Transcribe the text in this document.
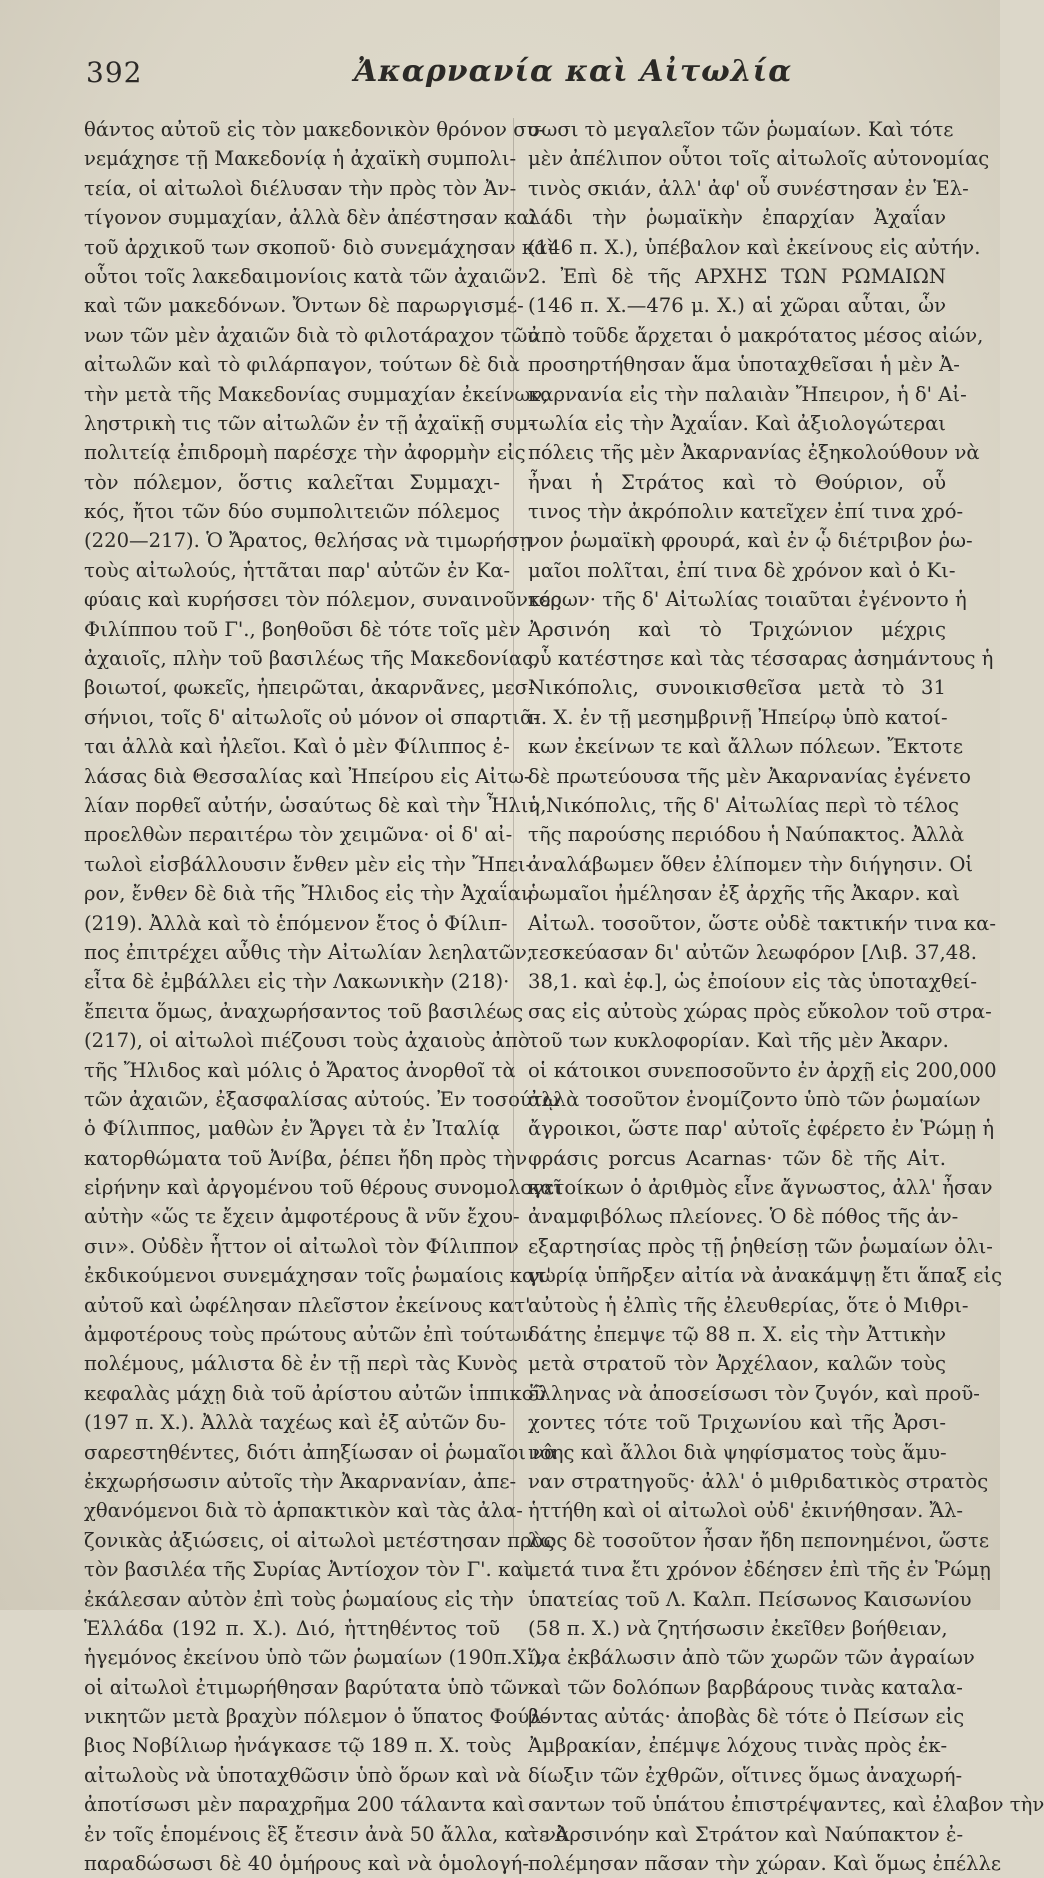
392	Ἀκαρνανία καὶ Αἰτωλία
θάντος αὐτοῦ εἰς τὸν μακεδονικὸν θρόνον συ-
νεμάχησε τῇ Μακεδονίᾳ ἡ ἀχαϊκὴ συμπολι-
τεία, οἱ αἰτωλοὶ διέλυσαν τὴν πρὸς τὸν Ἀν-
τίγονον συμμαχίαν, ἀλλὰ δὲν ἀπέστησαν καὶ
τοῦ ἀρχικοῦ των σκοποῦ· διὸ συνεμάχησαν καὶ
οὗτοι τοῖς λακεδαιμονίοις κατὰ τῶν ἀχαιῶν
καὶ τῶν μακεδόνων. Ὄντων δὲ παρωργισμέ-
νων τῶν μὲν ἀχαιῶν διὰ τὸ φιλοτάραχον τῶν
αἰτωλῶν καὶ τὸ φιλάρπαγον, τούτων δὲ διὰ
τὴν μετὰ τῆς Μακεδονίας συμμαχίαν ἐκείνων,
ληστρικὴ τις τῶν αἰτωλῶν ἐν τῇ ἀχαϊκῇ συμ-
πολιτείᾳ ἐπιδρομὴ παρέσχε τὴν ἀφορμὴν εἰς
τὸν πόλεμον, ὅστις καλεῖται Συμμαχι-
κός, ἤτοι τῶν δύο συμπολιτειῶν πόλεμος
(220—217). Ὁ Ἄρατος, θελήσας νὰ τιμωρήσῃ
τοὺς αἰτωλούς, ἡττᾶται παρ' αὐτῶν ἐν Κα-
φύαις καὶ κυρήσσει τὸν πόλεμον, συναινοῦντος
Φιλίππου τοῦ Γ'., βοηθοῦσι δὲ τότε τοῖς μὲν
ἀχαιοῖς, πλὴν τοῦ βασιλέως τῆς Μακεδονίας,
βοιωτοί, φωκεῖς, ἠπειρῶται, ἀκαρνᾶνες, μεσ-
σήνιοι, τοῖς δ' αἰτωλοῖς οὐ μόνον οἱ σπαρτιᾶ-
ται ἀλλὰ καὶ ἠλεῖοι. Καὶ ὁ μὲν Φίλιππος ἐ-
λάσας διὰ Θεσσαλίας καὶ Ἠπείρου εἰς Αἰτω-
λίαν πορθεῖ αὐτήν, ὡσαύτως δὲ καὶ τὴν Ἦλιν,
προελθὼν περαιτέρω τὸν χειμῶνα· οἱ δ' αἰ-
τωλοὶ εἰσβάλλουσιν ἔνθεν μὲν εἰς τὴν Ἤπει-
ρον, ἔνθεν δὲ διὰ τῆς Ἤλιδος εἰς τὴν Ἀχαΐαν
(219). Ἀλλὰ καὶ τὸ ἑπόμενον ἔτος ὁ Φίλιπ-
πος ἐπιτρέχει αὖθις τὴν Αἰτωλίαν λεηλατῶν,
εἶτα δὲ ἐμβάλλει εἰς τὴν Λακωνικὴν (218)·
ἔπειτα ὅμως, ἀναχωρήσαντος τοῦ βασιλέως
(217), οἱ αἰτωλοὶ πιέζουσι τοὺς ἀχαιοὺς ἀπὸ
τῆς Ἤλιδος καὶ μόλις ὁ Ἄρατος ἀνορθοῖ τὰ
τῶν ἀχαιῶν, ἐξασφαλίσας αὐτούς. Ἐν τοσούτῳ
ὁ Φίλιππος, μαθὼν ἐν Ἄργει τὰ ἐν Ἰταλίᾳ
κατορθώματα τοῦ Ἀνίβα, ῥέπει ἤδη πρὸς τὴν
εἰρήνην καὶ ἀργομένου τοῦ θέρους συνομολογεῖ
αὐτὴν «ὥς τε ἔχειν ἀμφοτέρους ἃ νῦν ἔχου-
σιν». Οὐδὲν ἧττον οἱ αἰτωλοὶ τὸν Φίλιππον
ἐκδικούμενοι συνεμάχησαν τοῖς ῥωμαίοις κατ'
αὐτοῦ καὶ ὠφέλησαν πλεῖστον ἐκείνους κατ'
ἀμφοτέρους τοὺς πρώτους αὐτῶν ἐπὶ τούτων
πολέμους, μάλιστα δὲ ἐν τῇ περὶ τὰς Κυνὸς
κεφαλὰς μάχῃ διὰ τοῦ ἀρίστου αὐτῶν ἱππικοῦ
(197 π. Χ.). Ἀλλὰ ταχέως καὶ ἐξ αὐτῶν δυ-
σαρεστηθέντες, διότι ἀπηξίωσαν οἱ ῥωμαῖοι νὰ
ἐκχωρήσωσιν αὐτοῖς τὴν Ἀκαρνανίαν, ἀπε-
χθανόμενοι διὰ τὸ ἁρπακτικὸν καὶ τὰς ἀλα-
ζονικὰς ἀξιώσεις, οἱ αἰτωλοὶ μετέστησαν πρὸς
τὸν βασιλέα τῆς Συρίας Ἀντίοχον τὸν Γ'. καὶ
ἐκάλεσαν αὐτὸν ἐπὶ τοὺς ῥωμαίους εἰς τὴν
Ἑλλάδα (192 π. Χ.). Διό, ἡττηθέντος τοῦ
ἡγεμόνος ἐκείνου ὑπὸ τῶν ῥωμαίων (190π.Χ.),
οἱ αἰτωλοὶ ἐτιμωρήθησαν βαρύτατα ὑπὸ τῶν
νικητῶν μετὰ βραχὺν πόλεμον ὁ ὕπατος Φούλ-
βιος Νοβίλιωρ ἠνάγκασε τῷ 189 π. Χ. τοὺς
αἰτωλοὺς νὰ ὑποταχθῶσιν ὑπὸ ὅρων καὶ νὰ
ἀποτίσωσι μὲν παραχρῆμα 200 τάλαντα καὶ
ἐν τοῖς ἑπομένοις ἓξ ἔτεσιν ἀνὰ 50 ἄλλα, καὶ νὰ
παραδώσωσι δὲ 40 ὁμήρους καὶ νὰ ὁμολογή-
σωσι τὸ μεγαλεῖον τῶν ῥωμαίων. Καὶ τότε
μὲν ἀπέλιπον οὗτοι τοῖς αἰτωλοῖς αὐτονομίας
τινὸς σκιάν, ἀλλ' ἀφ' οὗ συνέστησαν ἐν Ἑλ-
λάδι τὴν ῥωμαϊκὴν ἐπαρχίαν Ἀχαΐαν
(146 π. Χ.), ὑπέβαλον καὶ ἐκείνους εἰς αὐτήν.
2. Ἐπὶ δὲ τῆς ΑΡΧΗΣ ΤΩΝ ΡΩΜΑΙΩΝ
(146 π. Χ.—476 μ. Χ.) αἱ χῶραι αὗται, ὧν
ἀπὸ τοῦδε ἄρχεται ὁ μακρότατος μέσος αἰών,
προσηρτήθησαν ἅμα ὑποταχθεῖσαι ἡ μὲν Ἀ-
καρνανία εἰς τὴν παλαιὰν Ἤπειρον, ἡ δ' Αἰ-
τωλία εἰς τὴν Ἀχαΐαν. Καὶ ἀξιολογώτεραι
πόλεις τῆς μὲν Ἀκαρνανίας ἐξηκολούθουν νὰ
ἦναι ἡ Στράτος καὶ τὸ Θούριον, οὗ
τινος τὴν ἀκρόπολιν κατεῖχεν ἐπί τινα χρό-
νον ῥωμαϊκὴ φρουρά, καὶ ἐν ᾧ διέτριβον ῥω-
μαῖοι πολῖται, ἐπί τινα δὲ χρόνον καὶ ὁ Κι-
κέρων· τῆς δ' Αἰτωλίας τοιαῦται ἐγένοντο ἡ
Ἀρσινόη καὶ τὸ Τριχώνιον μέχρις
οὗ κατέστησε καὶ τὰς τέσσαρας ἀσημάντους ἡ
Νικόπολις, συνοικισθεῖσα μετὰ τὸ 31
π. Χ. ἐν τῇ μεσημβρινῇ Ἠπείρῳ ὑπὸ κατοί-
κων ἐκείνων τε καὶ ἄλλων πόλεων. Ἔκτοτε
δὲ πρωτεύουσα τῆς μὲν Ἀκαρνανίας ἐγένετο
ἡ Νικόπολις, τῆς δ' Αἰτωλίας περὶ τὸ τέλος
τῆς παρούσης περιόδου ἡ Ναύπακτος. Ἀλλὰ
ἀναλάβωμεν ὅθεν ἐλίπομεν τὴν διήγησιν. Οἱ
ῥωμαῖοι ἠμέλησαν ἐξ ἀρχῆς τῆς Ἀκαρν. καὶ
Αἰτωλ. τοσοῦτον, ὥστε οὐδὲ τακτικήν τινα κα-
τεσκεύασαν δι' αὐτῶν λεωφόρον [Λιβ. 37,48.
38,1. καὶ ἑφ.], ὡς ἐποίουν εἰς τὰς ὑποταχθεί-
σας εἰς αὐτοὺς χώρας πρὸς εὔκολον τοῦ στρα-
τοῦ των κυκλοφορίαν. Καὶ τῆς μὲν Ἀκαρν.
οἱ κάτοικοι συνεποσοῦντο ἐν ἀρχῇ εἰς 200,000
ἀλλὰ τοσοῦτον ἐνομίζοντο ὑπὸ τῶν ῥωμαίων
ἄγροικοι, ὥστε παρ' αὐτοῖς ἐφέρετο ἐν Ῥώμῃ ἡ
φράσις porcus Acarnas· τῶν δὲ τῆς Αἰτ.
κατοίκων ὁ ἀριθμὸς εἶνε ἄγνωστος, ἀλλ' ἦσαν
ἀναμφιβόλως πλείονες. Ὁ δὲ πόθος τῆς ἀν-
εξαρτησίας πρὸς τῇ ῥηθείσῃ τῶν ῥωμαίων ὀλι-
γωρίᾳ ὑπῆρξεν αἰτία νὰ ἀνακάμψῃ ἔτι ἅπαξ εἰς
αὐτοὺς ἡ ἐλπὶς τῆς ἐλευθερίας, ὅτε ὁ Μιθρι-
δάτης ἐπεμψε τῷ 88 π. Χ. εἰς τὴν Ἀττικὴν
μετὰ στρατοῦ τὸν Ἀρχέλαον, καλῶν τοὺς
ἕλληνας νὰ ἀποσείσωσι τὸν ζυγόν, καὶ προῦ-
χοντες τότε τοῦ Τριχωνίου καὶ τῆς Ἀρσι-
νόης καὶ ἄλλοι διὰ ψηφίσματος τοὺς ἅμυ-
ναν στρατηγοῦς· ἀλλ' ὁ μιθριδατικὸς στρατὸς
ἡττήθη καὶ οἱ αἰτωλοὶ οὐδ' ἐκινήθησαν. Ἄλ-
λως δὲ τοσοῦτον ἦσαν ἤδη πεπονημένοι, ὥστε
μετά τινα ἔτι χρόνον ἐδέησεν ἐπὶ τῆς ἐν Ῥώμῃ
ὑπατείας τοῦ Λ. Καλπ. Πείσωνος Καισωνίου
(58 π. Χ.) νὰ ζητήσωσιν ἐκεῖθεν βοήθειαν,
ἵνα ἐκβάλωσιν ἀπὸ τῶν χωρῶν τῶν ἀγραίων
καὶ τῶν δολόπων βαρβάρους τινὰς καταλα-
βόντας αὐτάς· ἀποβὰς δὲ τότε ὁ Πείσων εἰς
Ἀμβρακίαν, ἐπέμψε λόχους τινὰς πρὸς ἐκ-
δίωξιν τῶν ἐχθρῶν, οἵτινες ὅμως ἀναχωρή-
σαντων τοῦ ὑπάτου ἐπιστρέψαντες, καὶ ἐλαβον τὴν
τε Ἀρσινόην καὶ Στράτον καὶ Ναύπακτον ἐ-
πολέμησαν πᾶσαν τὴν χώραν. Καὶ ὅμως ἐπέλλε
